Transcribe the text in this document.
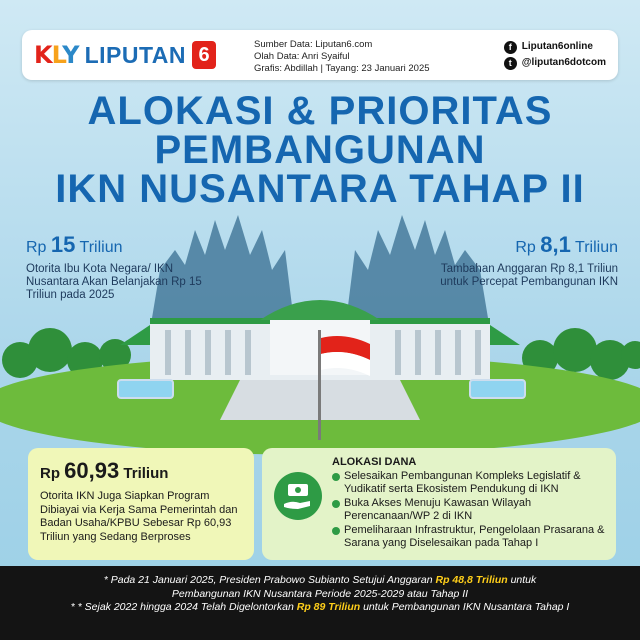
KLY LIPUTAN 6	Sumber Data: Liputan6.com
Olah Data: Anri Syaiful
Grafis: Abdillah | Tayang: 23 Januari 2025
f	Liputan6online
t	@liputan6dotcom
ALOKASI & PRIORITAS
PEMBANGUNAN
IKN NUSANTARA TAHAP II
Rp 15 Triliun
Otorita Ibu Kota Negara/ IKN Nusantara Akan Belanjakan Rp 15 Triliun pada 2025
Rp 8,1 Triliun
Tambahan Anggaran Rp 8,1 Triliun untuk Percepat Pembangunan IKN
Rp 60,93 Triliun
Otorita IKN Juga Siapkan Program Dibiayai via Kerja Sama Pemerintah dan Badan Usaha/KPBU Sebesar Rp 60,93 Triliun yang Sedang Berproses
ALOKASI DANA
Selesaikan Pembangunan Kompleks Legislatif & Yudikatif serta Ekosistem Pendukung di IKN
Buka Akses Menuju Kawasan Wilayah Perencanaan/WP 2 di IKN
Pemeliharaan Infrastruktur, Pengelolaan Prasarana & Sarana yang Diselesaikan pada Tahap I
* Pada 21 Januari 2025, Presiden Prabowo Subianto Setujui Anggaran Rp 48,8 Triliun untuk
Pembangunan IKN Nusantara Periode 2025-2029 atau Tahap II
* * Sejak 2022 hingga 2024 Telah Digelontorkan Rp 89 Triliun untuk Pembangunan IKN Nusantara Tahap I
